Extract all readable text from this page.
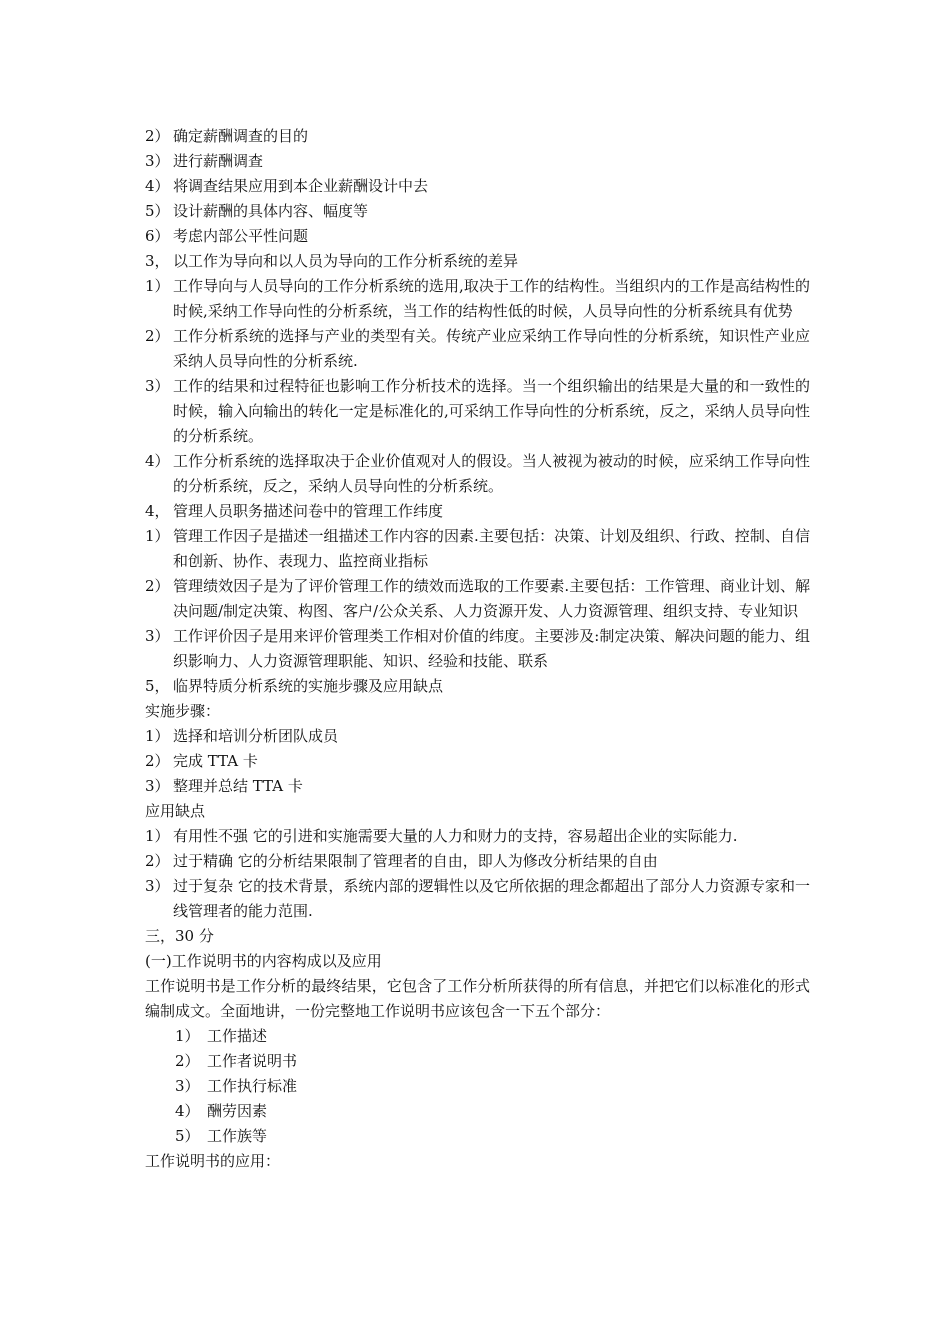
2） 确定薪酬调查的目的
3） 进行薪酬调查
4） 将调查结果应用到本企业薪酬设计中去
5） 设计薪酬的具体内容、幅度等
6） 考虑内部公平性问题
3， 以工作为导向和以人员为导向的工作分析系统的差异
1） 工作导向与人员导向的工作分析系统的选用,取决于工作的结构性。当组织内的工作是高结构性的时候,采纳工作导向性的分析系统，当工作的结构性低的时候，人员导向性的分析系统具有优势
2） 工作分析系统的选择与产业的类型有关。传统产业应采纳工作导向性的分析系统，知识性产业应采纳人员导向性的分析系统.
3） 工作的结果和过程特征也影响工作分析技术的选择。当一个组织输出的结果是大量的和一致性的时候，输入向输出的转化一定是标准化的,可采纳工作导向性的分析系统，反之，采纳人员导向性的分析系统。
4） 工作分析系统的选择取决于企业价值观对人的假设。当人被视为被动的时候，应采纳工作导向性的分析系统，反之，采纳人员导向性的分析系统。
4， 管理人员职务描述问卷中的管理工作纬度
1） 管理工作因子是描述一组描述工作内容的因素.主要包括：决策、计划及组织、行政、控制、自信和创新、协作、表现力、监控商业指标
2） 管理绩效因子是为了评价管理工作的绩效而选取的工作要素.主要包括：工作管理、商业计划、解决问题/制定决策、构图、客户/公众关系、人力资源开发、人力资源管理、组织支持、专业知识
3） 工作评价因子是用来评价管理类工作相对价值的纬度。主要涉及:制定决策、解决问题的能力、组织影响力、人力资源管理职能、知识、经验和技能、联系
5， 临界特质分析系统的实施步骤及应用缺点
实施步骤：
1） 选择和培训分析团队成员
2） 完成 TTA 卡
3） 整理并总结 TTA 卡
应用缺点
1） 有用性不强 它的引进和实施需要大量的人力和财力的支持，容易超出企业的实际能力.
2） 过于精确 它的分析结果限制了管理者的自由，即人为修改分析结果的自由
3） 过于复杂 它的技术背景，系统内部的逻辑性以及它所依据的理念都超出了部分人力资源专家和一线管理者的能力范围.
三，30 分
(一)工作说明书的内容构成以及应用
工作说明书是工作分析的最终结果，它包含了工作分析所获得的所有信息，并把它们以标准化的形式编制成文。全面地讲，一份完整地工作说明书应该包含一下五个部分：
1） 工作描述
2） 工作者说明书
3） 工作执行标准
4） 酬劳因素
5） 工作族等
工作说明书的应用：
